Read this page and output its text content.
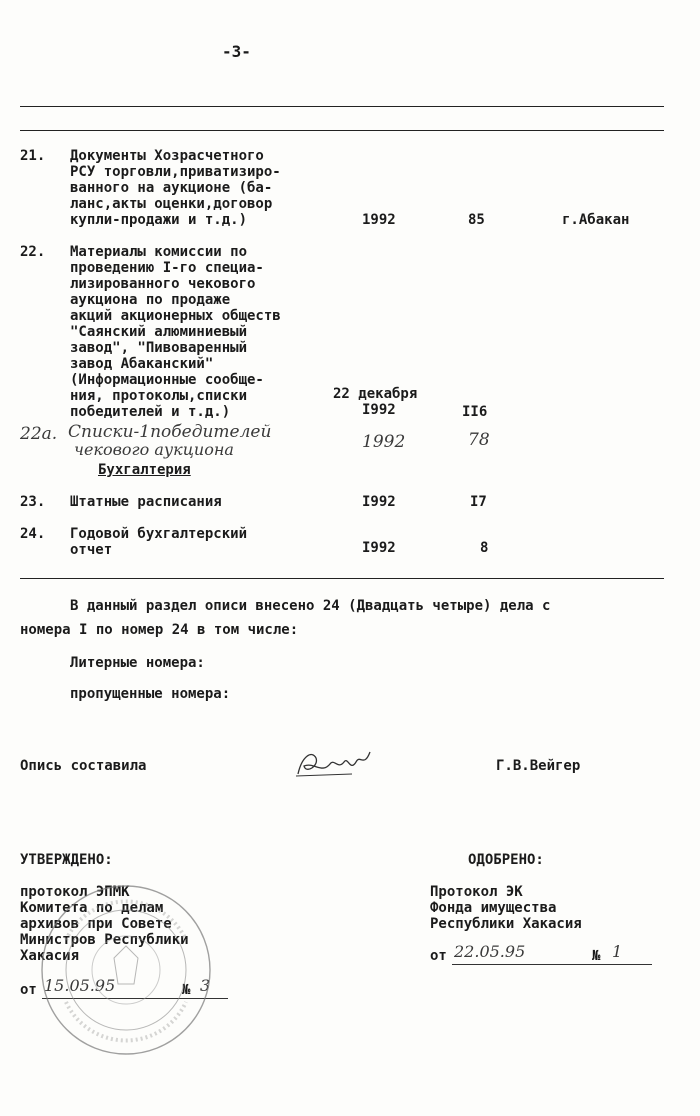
-3-
21. Документы Хозрасчетного
РСУ торговли,приватизиро-
ванного на аукционе (ба-
ланс,акты оценки,договор
купли-продажи и т.д.)	1992	85	г.Абакан
22. Материалы комиссии по
проведению I-го специа-
лизированного чекового
аукциона по продаже
акций акционерных обществ
"Саянский алюминиевый
завод", "Пивоваренный
завод Абаканский"
(Информационные сообще-
ния, протоколы,списки
победителей и т.д.)
22 декабря
I992	II6
22а. Списки-1победителей
чекового аукциона	1992	78
Бухгалтерия
23. Штатные расписания	I992	I7
24. Годовой бухгалтерский
отчет	I992	8
В данный раздел описи внесено 24 (Двадцать четыре) дела с
номера I по номер 24 в том числе:
Литерные номера:
пропущенные номера:
Опись составила	Г.В.Вейгер
УТВЕРЖДЕНО:
протокол ЭПМК
Комитета по делам
архивов при Совете
Министров Республики
Хакасия
от 15.05.95	№ 3
ОДОБРЕНО:
Протокол ЭК
Фонда имущества
Республики Хакасия
от 22.05.95	№ 1
